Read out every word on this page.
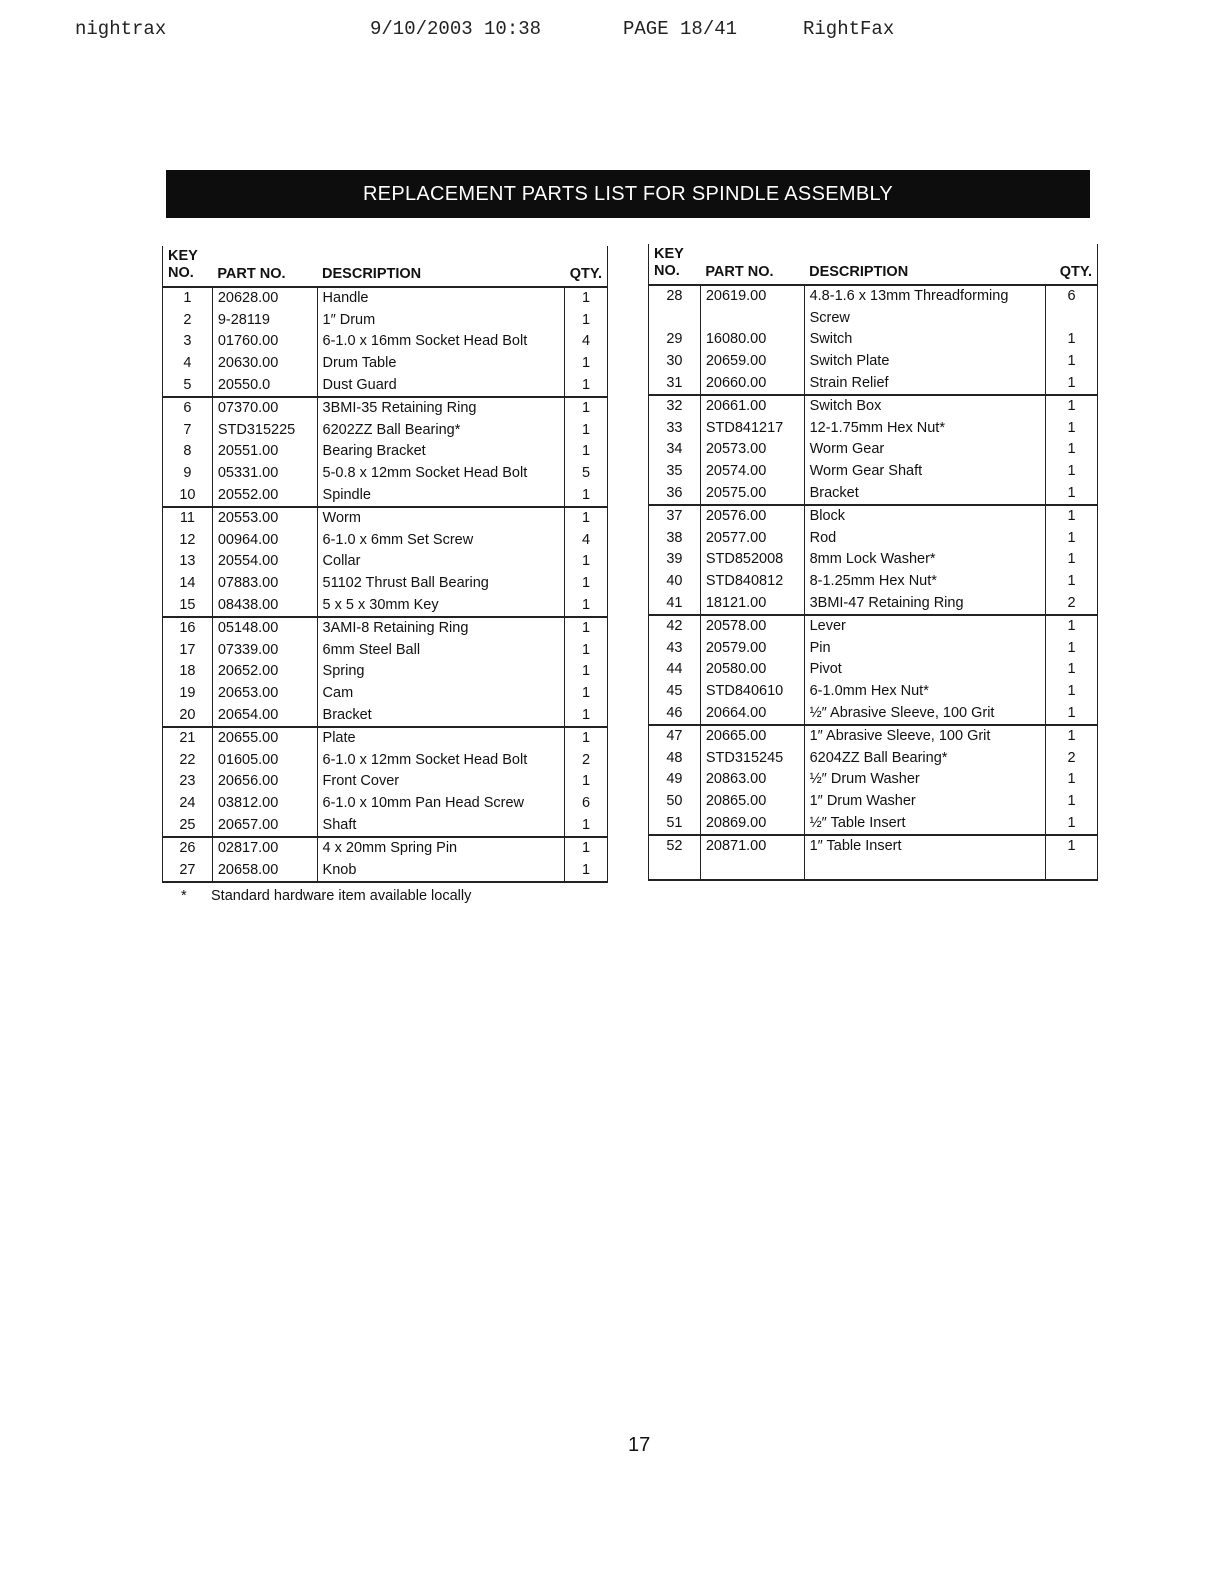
nightrax	9/10/2003 10:38	PAGE 18/41	RightFax
REPLACEMENT PARTS LIST FOR SPINDLE ASSEMBLY
KEY
NO.	PART NO.	DESCRIPTION	QTY.
1	20628.00	Handle	1
2	9-28119	1″ Drum	1
3	01760.00	6-1.0 x 16mm Socket Head Bolt	4
4	20630.00	Drum Table	1
5	20550.0	Dust Guard	1
6	07370.00	3BMI-35 Retaining Ring	1
7	STD315225	6202ZZ Ball Bearing*	1
8	20551.00	Bearing Bracket	1
9	05331.00	5-0.8 x 12mm Socket Head Bolt	5
10	20552.00	Spindle	1
11	20553.00	Worm	1
12	00964.00	6-1.0 x 6mm Set Screw	4
13	20554.00	Collar	1
14	07883.00	51102 Thrust Ball Bearing	1
15	08438.00	5 x 5 x 30mm Key	1
16	05148.00	3AMI-8 Retaining Ring	1
17	07339.00	6mm Steel Ball	1
18	20652.00	Spring	1
19	20653.00	Cam	1
20	20654.00	Bracket	1
21	20655.00	Plate	1
22	01605.00	6-1.0 x 12mm Socket Head Bolt	2
23	20656.00	Front Cover	1
24	03812.00	6-1.0 x 10mm Pan Head Screw	6
25	20657.00	Shaft	1
26	02817.00	4 x 20mm Spring Pin	1
27	20658.00	Knob	1
KEY
NO.	PART NO.	DESCRIPTION	QTY.
28	20619.00	4.8-1.6 x 13mm Threadforming	6
		Screw	
29	16080.00	Switch	1
30	20659.00	Switch Plate	1
31	20660.00	Strain Relief	1
32	20661.00	Switch Box	1
33	STD841217	12-1.75mm Hex Nut*	1
34	20573.00	Worm Gear	1
35	20574.00	Worm Gear Shaft	1
36	20575.00	Bracket	1
37	20576.00	Block	1
38	20577.00	Rod	1
39	STD852008	8mm Lock Washer*	1
40	STD840812	8-1.25mm Hex Nut*	1
41	18121.00	3BMI-47 Retaining Ring	2
42	20578.00	Lever	1
43	20579.00	Pin	1
44	20580.00	Pivot	1
45	STD840610	6-1.0mm Hex Nut*	1
46	20664.00	½″ Abrasive Sleeve, 100 Grit	1
47	20665.00	1″ Abrasive Sleeve, 100 Grit	1
48	STD315245	6204ZZ Ball Bearing*	2
49	20863.00	½″ Drum Washer	1
50	20865.00	1″ Drum Washer	1
51	20869.00	½″ Table Insert	1
52	20871.00	1″ Table Insert	1

* Standard hardware item available locally
17
